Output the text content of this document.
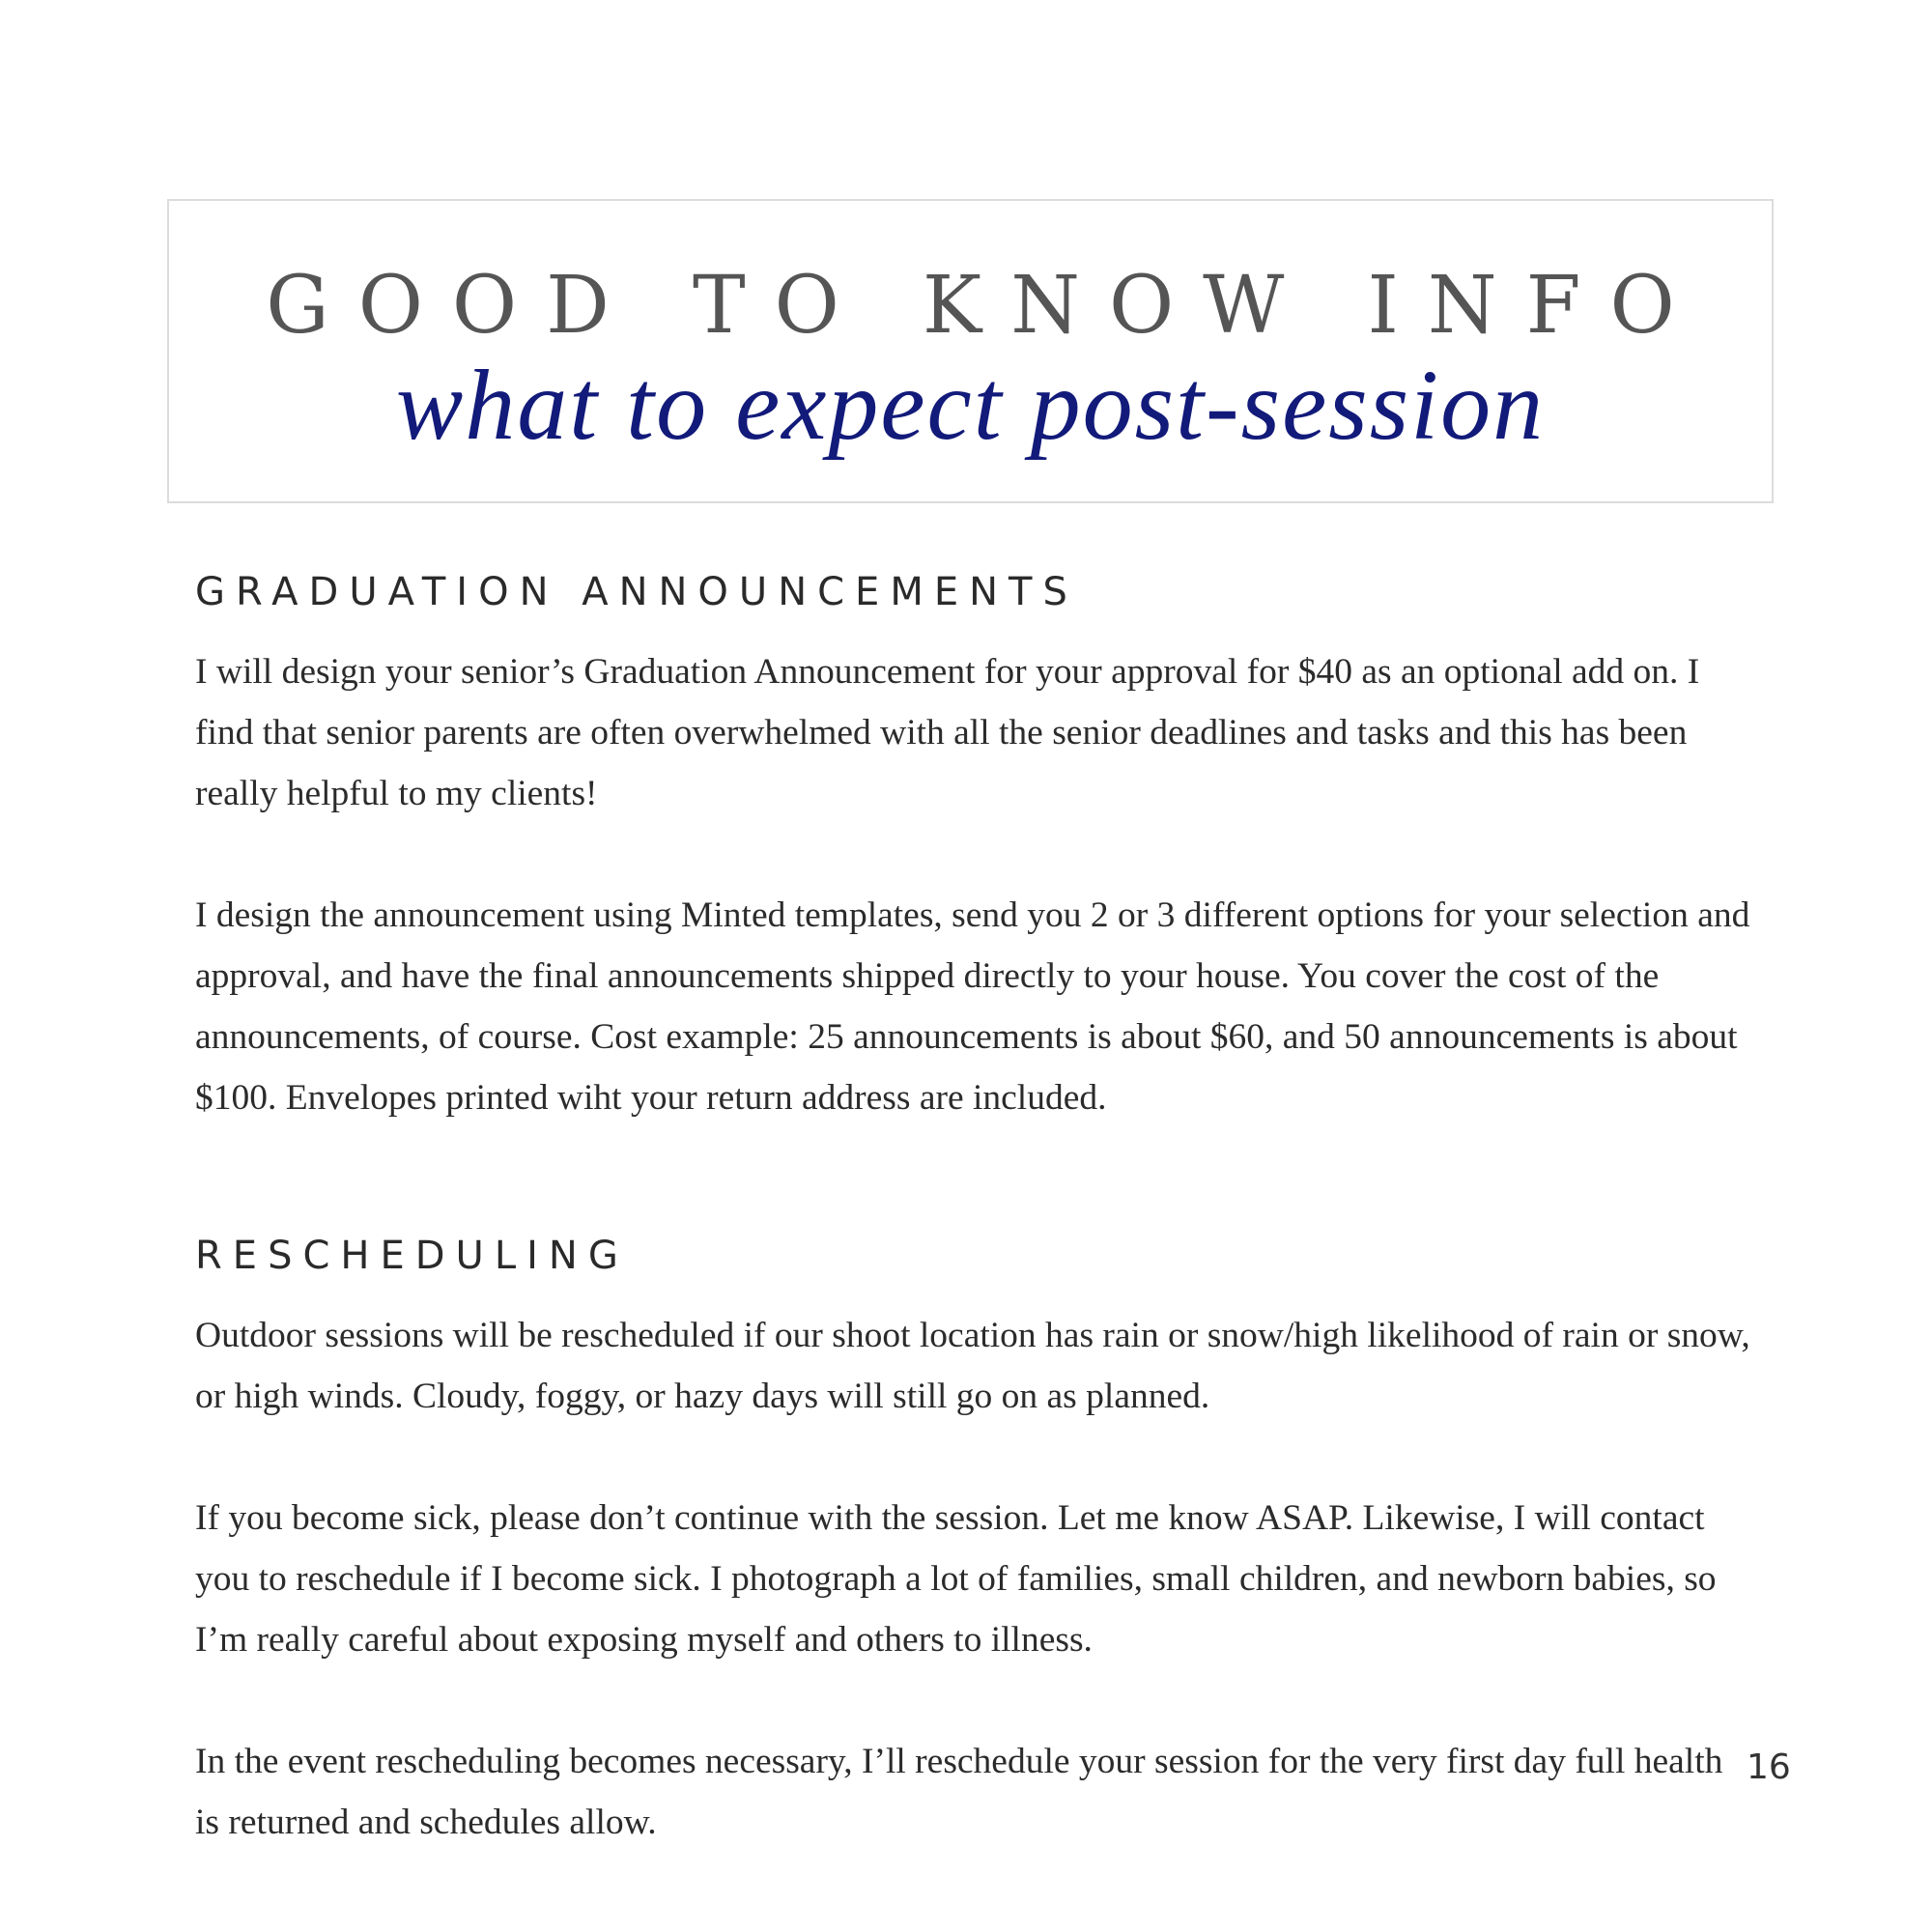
GOOD TO KNOW INFO
what to expect post-session
GRADUATION ANNOUNCEMENTS

I will design your senior’s Graduation Announcement for your approval for $40 as an optional add on. I find that senior parents are often overwhelmed with all the senior deadlines and tasks and this has been really helpful to my clients!

I design the announcement using Minted templates, send you 2 or 3 different options for your selection and approval, and have the final announcements shipped directly to your house. You cover the cost of the announcements, of course. Cost example: 25 announcements is about $60, and 50 announcements is about $100. Envelopes printed wiht your return address are included.

RESCHEDULING

Outdoor sessions will be rescheduled if our shoot location has rain or snow/high likelihood of rain or snow, or high winds. Cloudy, foggy, or hazy days will still go on as planned.

If you become sick, please don’t continue with the session. Let me know ASAP. Likewise, I will contact you to reschedule if I become sick. I photograph a lot of families, small children, and newborn babies, so I’m really careful about exposing myself and others to illness.

In the event rescheduling becomes necessary, I’ll reschedule your session for the very first day full health is returned and schedules allow.

16
